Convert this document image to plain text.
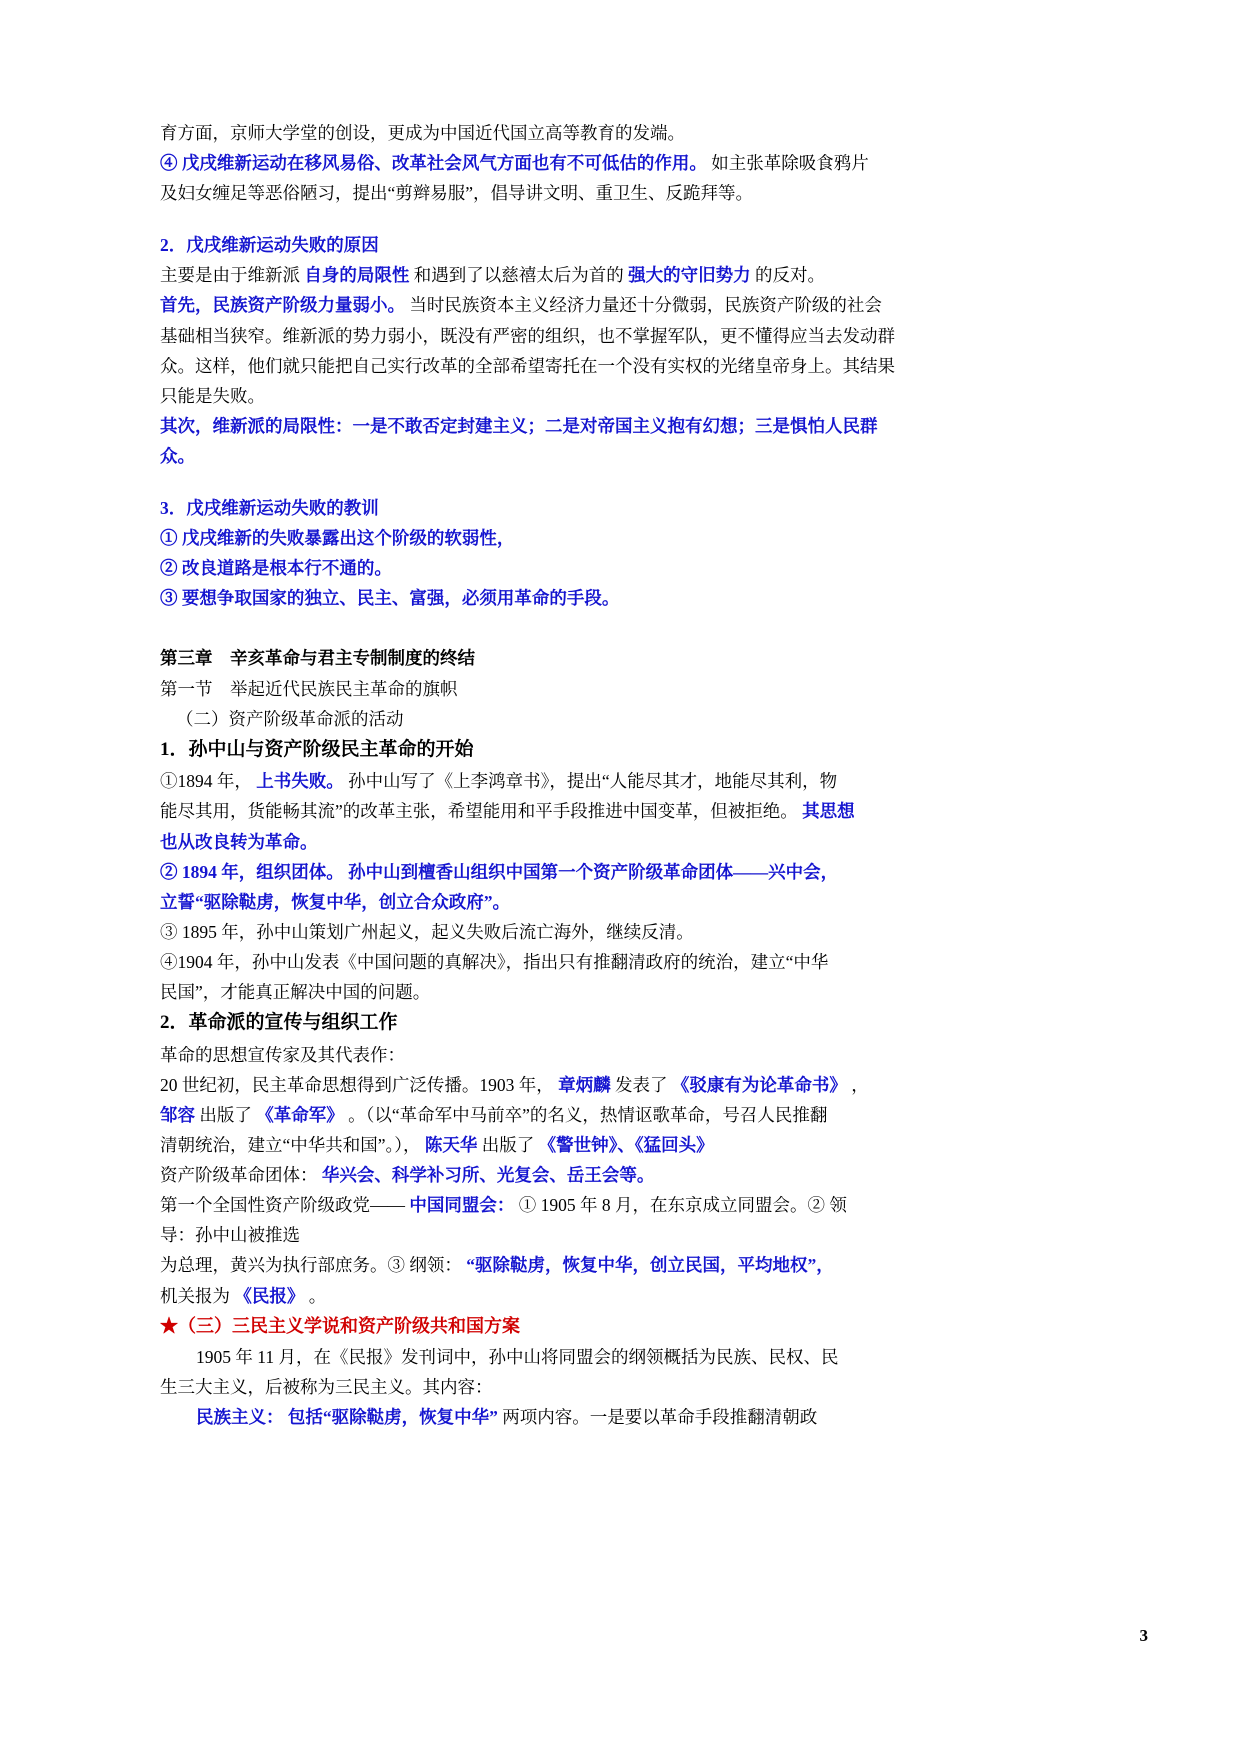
育方面，京师大学堂的创设，更成为中国近代国立高等教育的发端。

④ 戊戌维新运动在移风易俗、改革社会风气方面也有不可低估的作用。 如主张革除吸食鸦片

及妇女缠足等恶俗陋习，提出“剪辫易服”，倡导讲文明、重卫生、反跪拜等。

2．戊戌维新运动失败的原因

主要是由于维新派 自身的局限性 和遇到了以慈禧太后为首的 强大的守旧势力 的反对。

首先，民族资产阶级力量弱小。 当时民族资本主义经济力量还十分微弱，民族资产阶级的社会

基础相当狭窄。维新派的势力弱小，既没有严密的组织，也不掌握军队，更不懂得应当去发动群

众。这样，他们就只能把自己实行改革的全部希望寄托在一个没有实权的光绪皇帝身上。其结果

只能是失败。

其次，维新派的局限性：一是不敢否定封建主义；二是对帝国主义抱有幻想；三是惧怕人民群

众。

3．戊戌维新运动失败的教训

① 戊戌维新的失败暴露出这个阶级的软弱性，

② 改良道路是根本行不通的。

③ 要想争取国家的独立、民主、富强，必须用革命的手段。

第三章　辛亥革命与君主专制制度的终结

第一节　举起近代民族民主革命的旗帜

（二）资产阶级革命派的活动

1．孙中山与资产阶级民主革命的开始

①1894 年， 上书失败。 孙中山写了《上李鸿章书》，提出“人能尽其才，地能尽其利，物

能尽其用，货能畅其流”的改革主张，希望能用和平手段推进中国变革，但被拒绝。 其思想

也从改良转为革命。

② 1894 年，组织团体。 孙中山到檀香山组织中国第一个资产阶级革命团体——兴中会，

立誓“驱除鞑虏，恢复中华，创立合众政府”。

③ 1895 年，孙中山策划广州起义，起义失败后流亡海外，继续反清。

④1904 年，孙中山发表《中国问题的真解决》，指出只有推翻清政府的统治，建立“中华

民国”，才能真正解决中国的问题。

2．革命派的宣传与组织工作

革命的思想宣传家及其代表作：

20 世纪初，民主革命思想得到广泛传播。1903 年， 章炳麟 发表了 《驳康有为论革命书》 ，

邹容 出版了 《革命军》 。（以“革命军中马前卒”的名义，热情讴歌革命，号召人民推翻

清朝统治，建立“中华共和国”。）， 陈天华 出版了 《警世钟》、《猛回头》

资产阶级革命团体： 华兴会、科学补习所、光复会、岳王会等。

第一个全国性资产阶级政党—— 中国同盟会： ① 1905 年 8 月，在东京成立同盟会。② 领

导：孙中山被推选

为总理，黄兴为执行部庶务。③ 纲领： “驱除鞑虏，恢复中华，创立民国，平均地权”，

机关报为 《民报》 。

★（三）三民主义学说和资产阶级共和国方案

1905 年 11 月，在《民报》发刊词中，孙中山将同盟会的纲领概括为民族、民权、民

生三大主义，后被称为三民主义。其内容：

民族主义： 包括“驱除鞑虏，恢复中华” 两项内容。一是要以革命手段推翻清朝政

3
